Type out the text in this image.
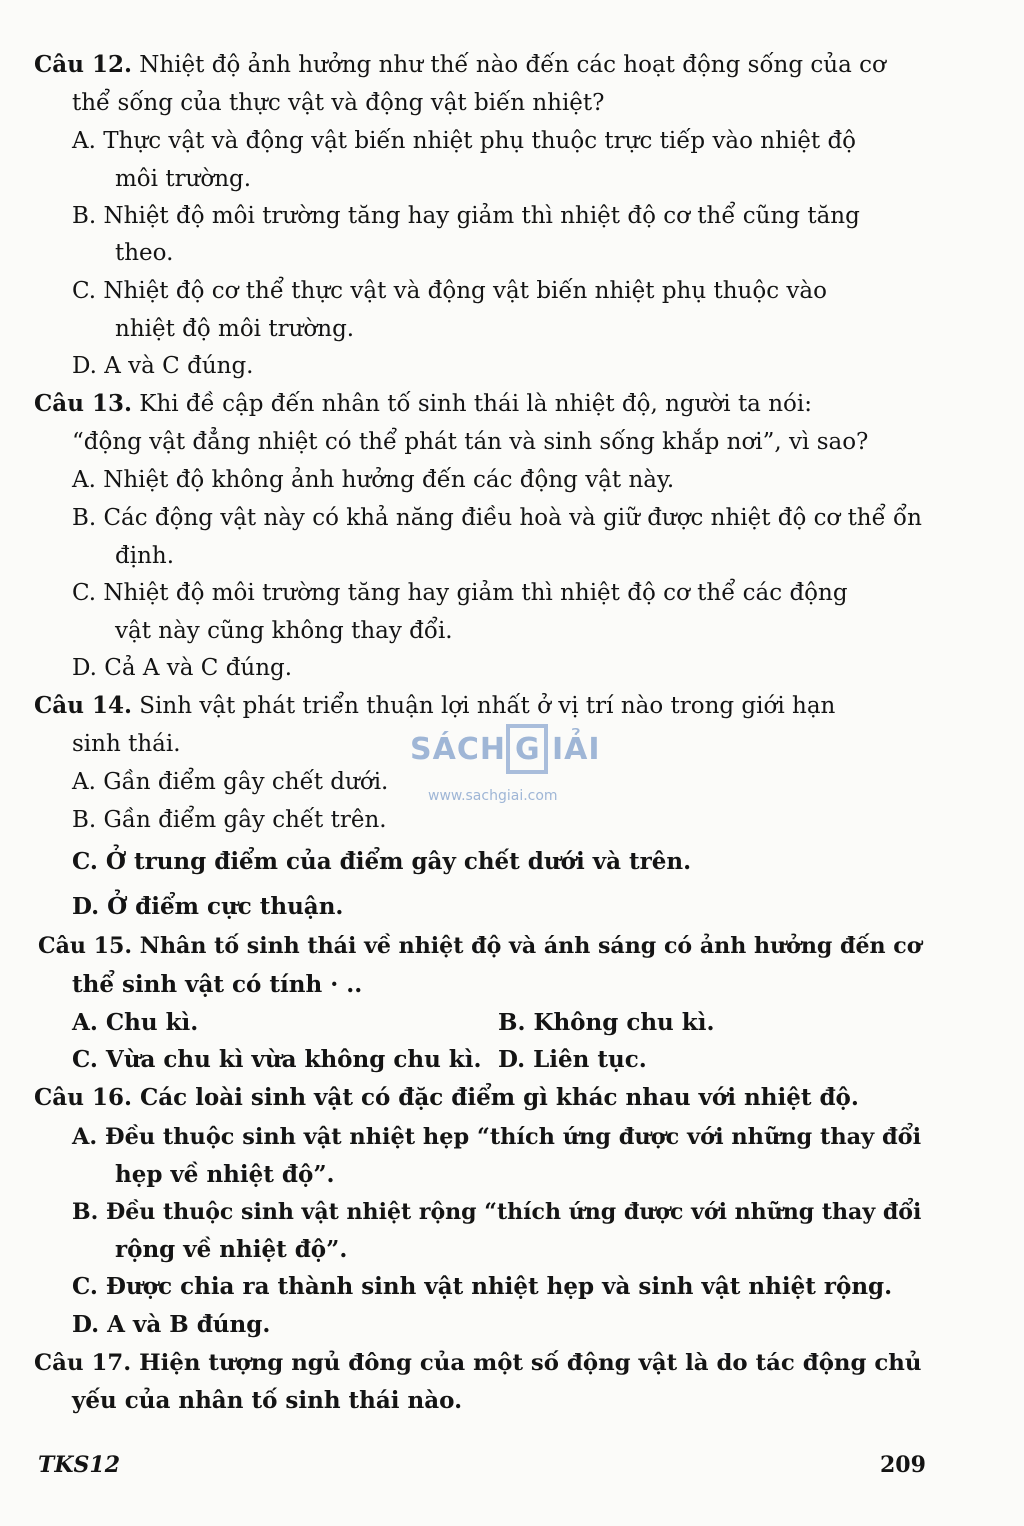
Câu 12. Nhiệt độ ảnh hưởng như thế nào đến các hoạt động sống của cơ
thể sống của thực vật và động vật biến nhiệt?
A. Thực vật và động vật biến nhiệt phụ thuộc trực tiếp vào nhiệt độ
môi trường.
B. Nhiệt độ môi trường tăng hay giảm thì nhiệt độ cơ thể cũng tăng
theo.
C. Nhiệt độ cơ thể thực vật và động vật biến nhiệt phụ thuộc vào
nhiệt độ môi trường.
D. A và C đúng.
Câu 13. Khi đề cập đến nhân tố sinh thái là nhiệt độ, người ta nói:
“động vật đẳng nhiệt có thể phát tán và sinh sống khắp nơi”, vì sao?
A. Nhiệt độ không ảnh hưởng đến các động vật này.
B. Các động vật này có khả năng điều hoà và giữ được nhiệt độ cơ thể ổn
định.
C. Nhiệt độ môi trường tăng hay giảm thì nhiệt độ cơ thể các động
vật này cũng không thay đổi.
D. Cả A và C đúng.
Câu 14. Sinh vật phát triển thuận lợi nhất ở vị trí nào trong giới hạn
sinh thái.
A. Gần điểm gây chết dưới.
B. Gần điểm gây chết trên.
C. Ở trung điểm của điểm gây chết dưới và trên.
D. Ở điểm cực thuận.
Câu 15. Nhân tố sinh thái về nhiệt độ và ánh sáng có ảnh hưởng đến cơ
thể sinh vật có tính · ..
A. Chu kì.	B. Không chu kì.
C. Vừa chu kì vừa không chu kì. D. Liên tục.
Câu 16. Các loài sinh vật có đặc điểm gì khác nhau với nhiệt độ.
A. Đều thuộc sinh vật nhiệt hẹp “thích ứng được với những thay đổi
hẹp về nhiệt độ”.
B. Đều thuộc sinh vật nhiệt rộng “thích ứng được với những thay đổi
rộng về nhiệt độ”.
C. Được chia ra thành sinh vật nhiệt hẹp và sinh vật nhiệt rộng.
D. A và B đúng.
Câu 17. Hiện tượng ngủ đông của một số động vật là do tác động chủ
yếu của nhân tố sinh thái nào.
SÁCH G IẢI
www.sachgiai.com
TKS12	209
